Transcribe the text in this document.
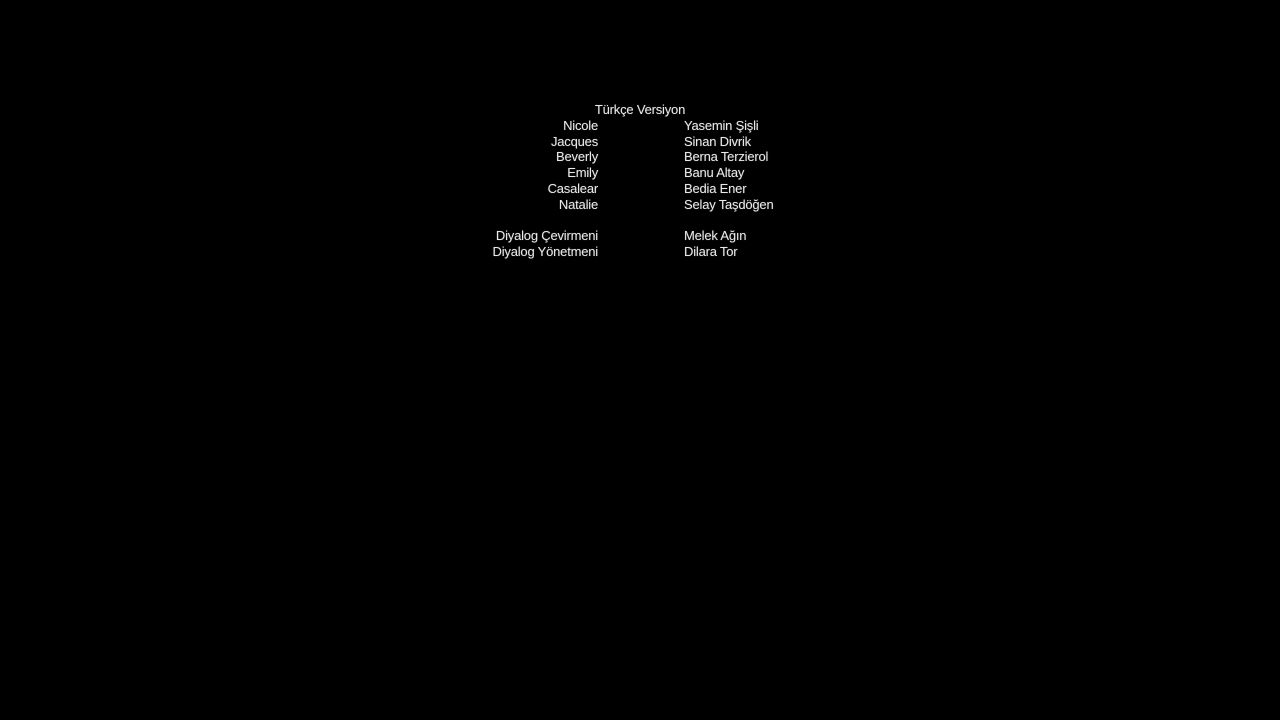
Türkçe Versiyon
Nicole	Yasemin Şişli
Jacques	Sinan Divrik
Beverly	Berna Terzierol
Emily	Banu Altay
Casalear	Bedia Ener
Natalie	Selay Taşdöğen
Diyalog Çevirmeni	Melek Ağın
Diyalog Yönetmeni	Dilara Tor
